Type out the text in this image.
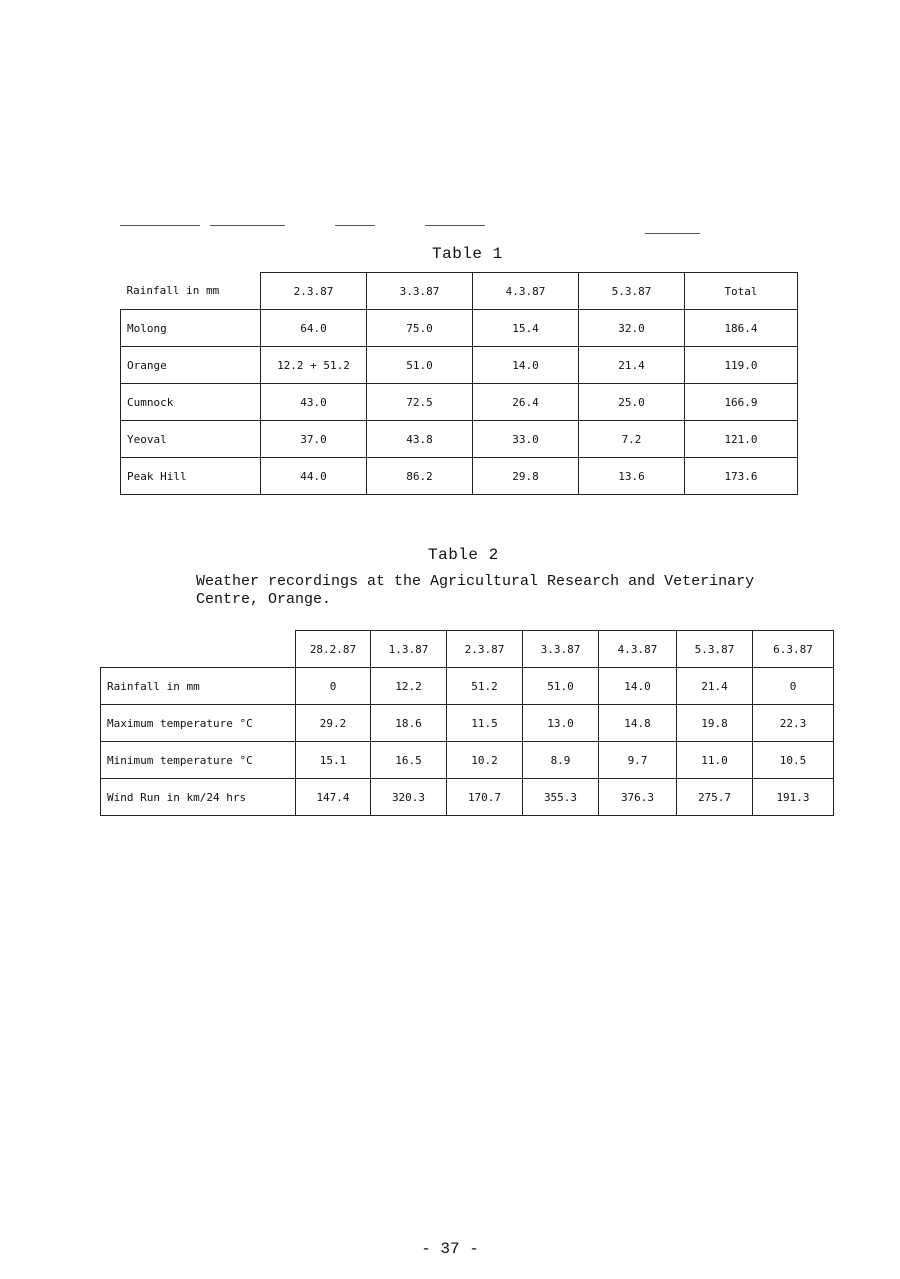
Table 1
Rainfall in mm	2.3.87	3.3.87	4.3.87	5.3.87	Total
Molong	64.0	75.0	15.4	32.0	186.4
Orange	12.2 + 51.2	51.0	14.0	21.4	119.0
Cumnock	43.0	72.5	26.4	25.0	166.9
Yeoval	37.0	43.8	33.0	7.2	121.0
Peak Hill	44.0	86.2	29.8	13.6	173.6
Table 2
Weather recordings at the Agricultural Research and Veterinary
Centre, Orange.
	28.2.87	1.3.87	2.3.87	3.3.87	4.3.87	5.3.87	6.3.87
Rainfall in mm	0	12.2	51.2	51.0	14.0	21.4	0
Maximum temperature °C	29.2	18.6	11.5	13.0	14.8	19.8	22.3
Minimum temperature °C	15.1	16.5	10.2	8.9	9.7	11.0	10.5
Wind Run in km/24 hrs	147.4	320.3	170.7	355.3	376.3	275.7	191.3
- 37 -
